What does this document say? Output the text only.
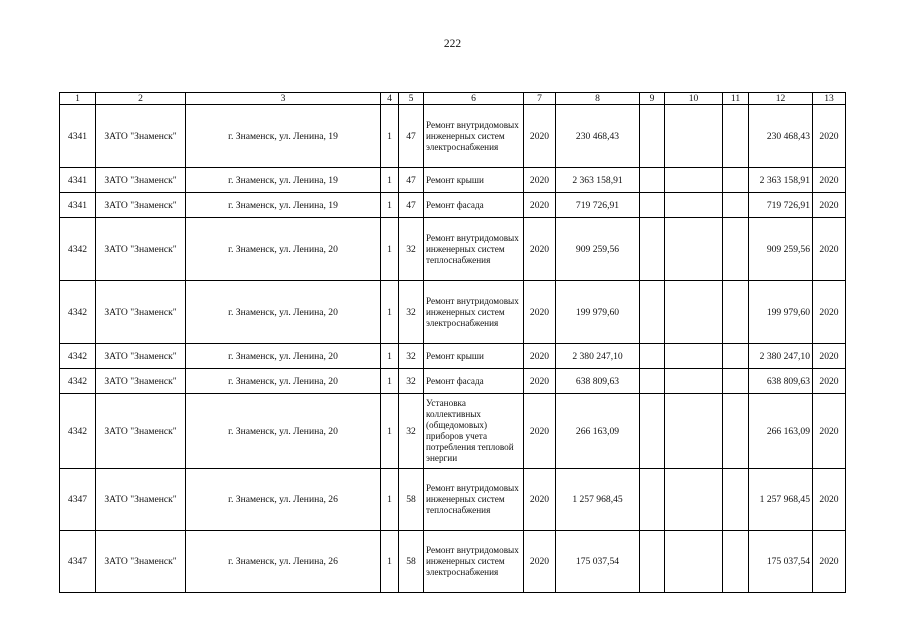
222
1	2	3	4	5	6	7	8	9	10	11	12	13
4341	ЗАТО "Знаменск"	г. Знаменск, ул. Ленина, 19	1	47	Ремонт внутридомовых инженерных систем электроснабжения	2020	230 468,43				230 468,43	2020
4341	ЗАТО "Знаменск"	г. Знаменск, ул. Ленина, 19	1	47	Ремонт крыши	2020	2 363 158,91				2 363 158,91	2020
4341	ЗАТО "Знаменск"	г. Знаменск, ул. Ленина, 19	1	47	Ремонт фасада	2020	719 726,91				719 726,91	2020
4342	ЗАТО "Знаменск"	г. Знаменск, ул. Ленина, 20	1	32	Ремонт внутридомовых инженерных систем теплоснабжения	2020	909 259,56				909 259,56	2020
4342	ЗАТО "Знаменск"	г. Знаменск, ул. Ленина, 20	1	32	Ремонт внутридомовых инженерных систем электроснабжения	2020	199 979,60				199 979,60	2020
4342	ЗАТО "Знаменск"	г. Знаменск, ул. Ленина, 20	1	32	Ремонт крыши	2020	2 380 247,10				2 380 247,10	2020
4342	ЗАТО "Знаменск"	г. Знаменск, ул. Ленина, 20	1	32	Ремонт фасада	2020	638 809,63				638 809,63	2020
4342	ЗАТО "Знаменск"	г. Знаменск, ул. Ленина, 20	1	32	Установка коллективных (общедомовых) приборов учета потребления тепловой энергии	2020	266 163,09				266 163,09	2020
4347	ЗАТО "Знаменск"	г. Знаменск, ул. Ленина, 26	1	58	Ремонт внутридомовых инженерных систем теплоснабжения	2020	1 257 968,45				1 257 968,45	2020
4347	ЗАТО "Знаменск"	г. Знаменск, ул. Ленина, 26	1	58	Ремонт внутридомовых инженерных систем электроснабжения	2020	175 037,54				175 037,54	2020
